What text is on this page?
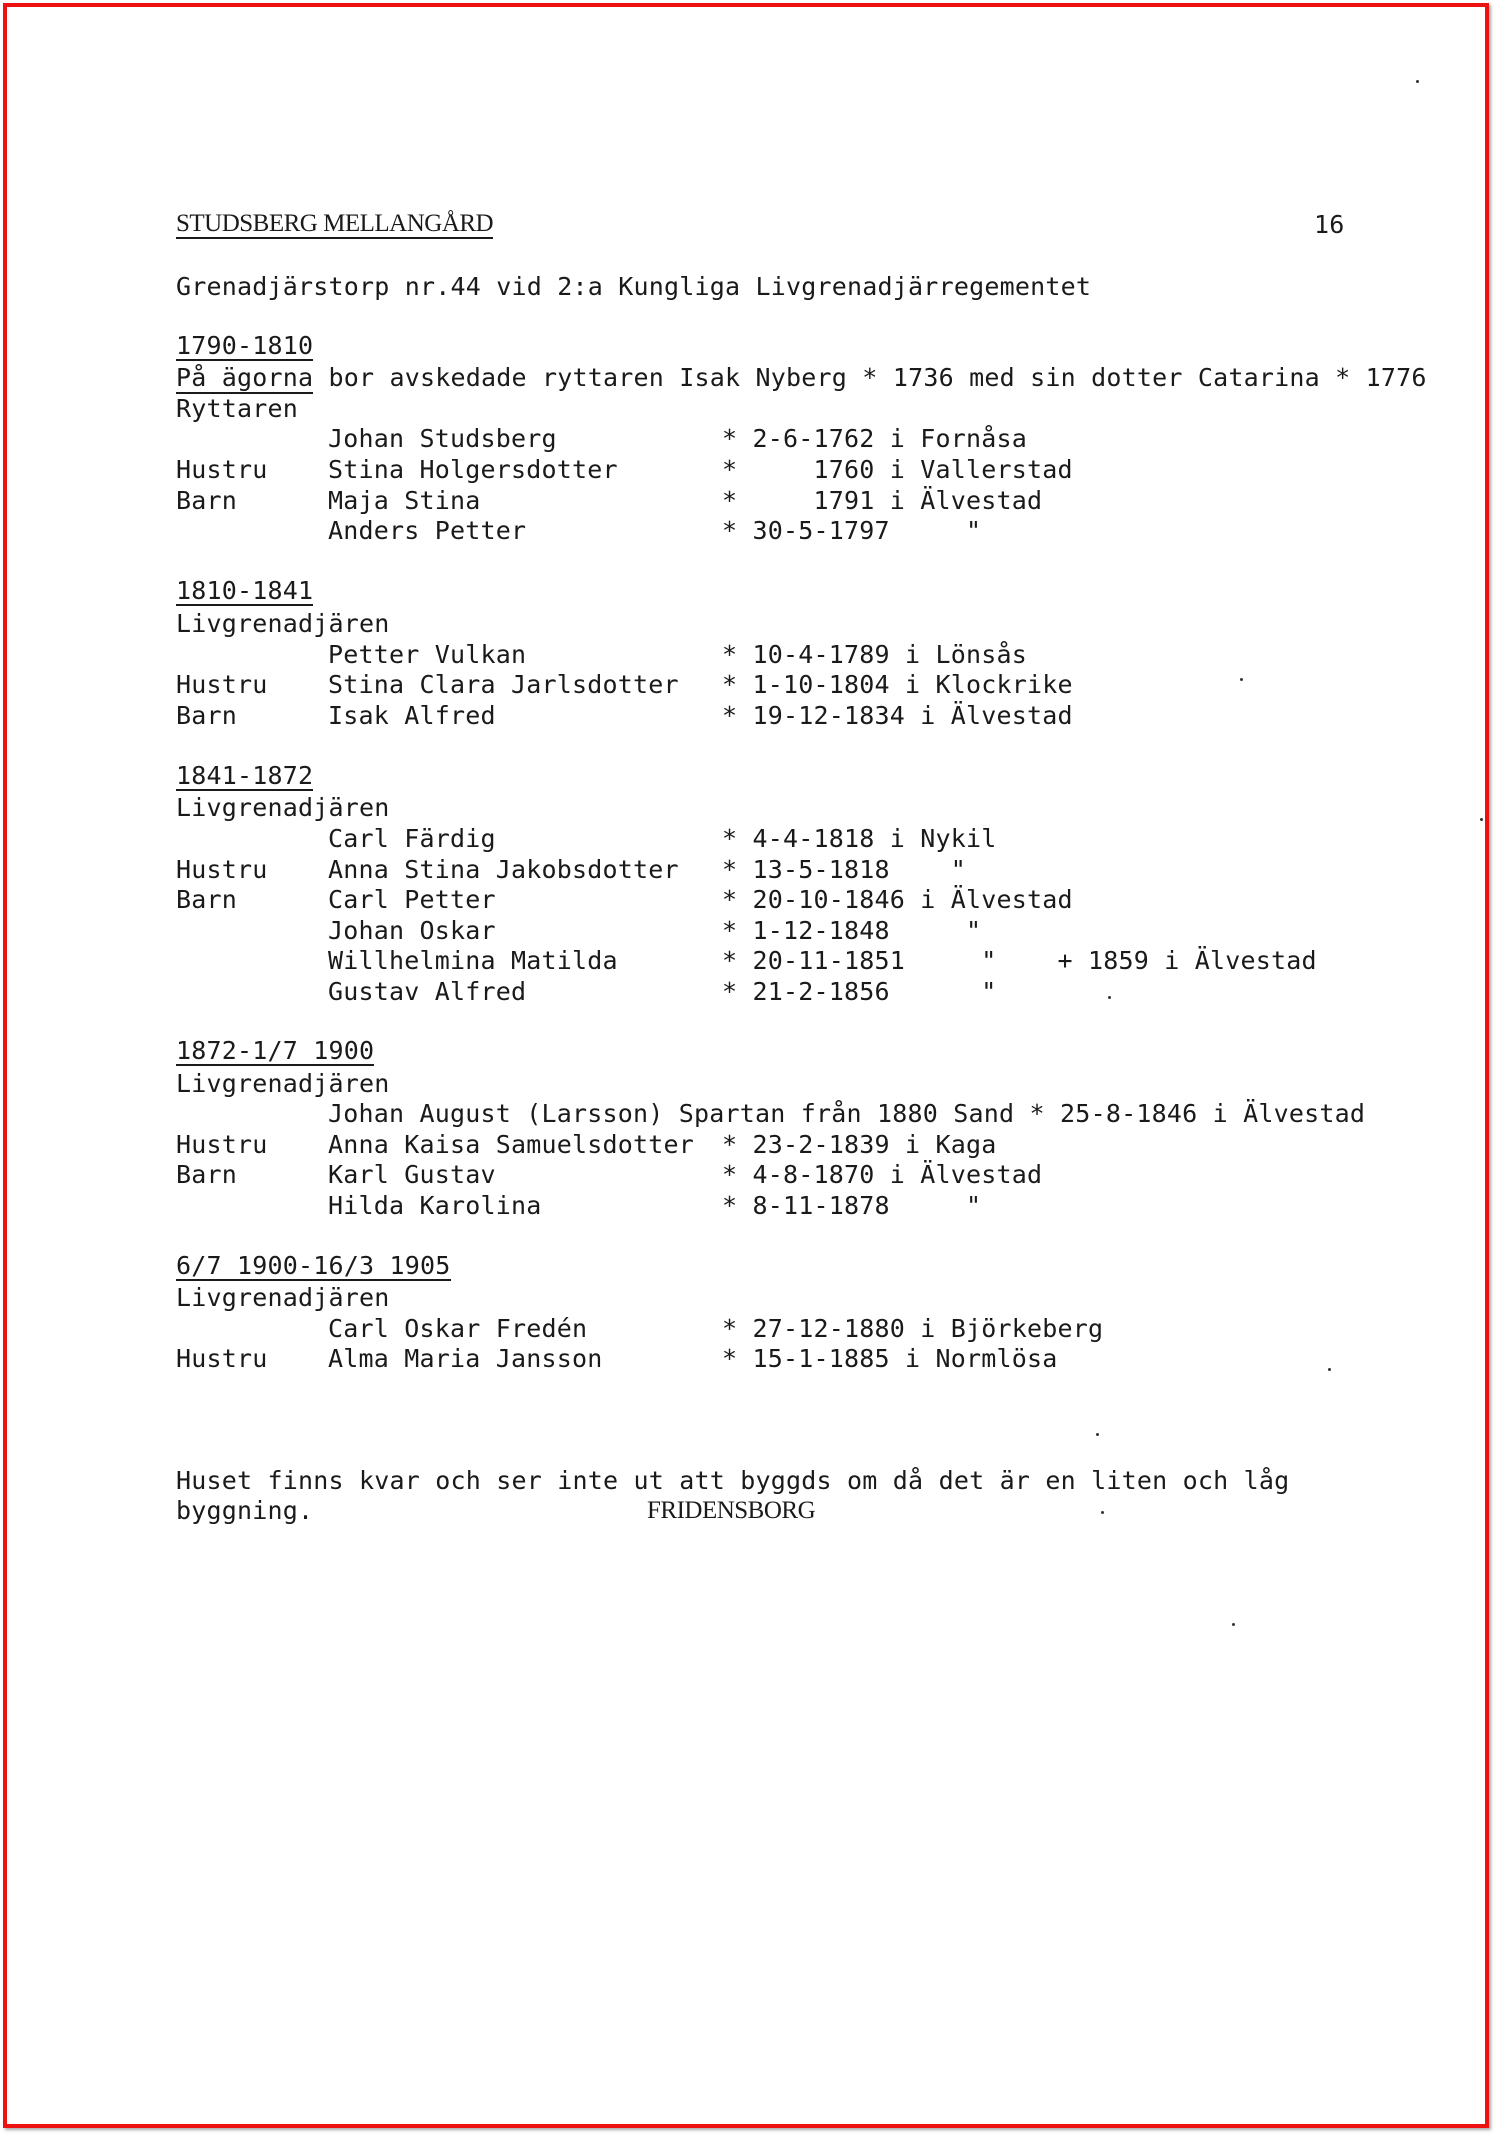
STUDSBERG MELLANGÅRD	16
Grenadjärstorp nr.44 vid 2:a Kungliga Livgrenadjärregementet
1790-1810
På ägorna bor avskedade ryttaren Isak Nyberg * 1736 med sin dotter Catarina * 1776
Ryttaren
Johan Studsberg	* 2-6-1762 i Fornåsa
Hustru Stina Holgersdotter	*     1760 i Vallerstad
Barn	Maja Stina	*     1791 i Älvestad
Anders Petter	* 30-5-1797     "
1810-1841
Livgrenadjären
Petter Vulkan	* 10-4-1789 i Lönsås
Hustru Stina Clara Jarlsdotter * 1-10-1804 i Klockrike
Barn	Isak Alfred	* 19-12-1834 i Älvestad
1841-1872
Livgrenadjären
Carl Färdig	* 4-4-1818 i Nykil
Hustru Anna Stina Jakobsdotter * 13-5-1818    "
Barn	Carl Petter	* 20-10-1846 i Älvestad
Johan Oskar	* 1-12-1848     "
Willhelmina Matilda	* 20-11-1851     "    + 1859 i Älvestad
Gustav Alfred	* 21-2-1856      "
1872-1/7 1900
Livgrenadjären
Johan August (Larsson) Spartan från 1880 Sand * 25-8-1846 i Älvestad
Hustru Anna Kaisa Samuelsdotter * 23-2-1839 i Kaga
Barn	Karl Gustav	* 4-8-1870 i Älvestad
Hilda Karolina	* 8-11-1878     "
6/7 1900-16/3 1905
Livgrenadjären
Carl Oskar Fredén	* 27-12-1880 i Björkeberg
Hustru Alma Maria Jansson	* 15-1-1885 i Normlösa
Huset finns kvar och ser inte ut att byggds om då det är en liten och låg
byggning.	FRIDENSBORG
